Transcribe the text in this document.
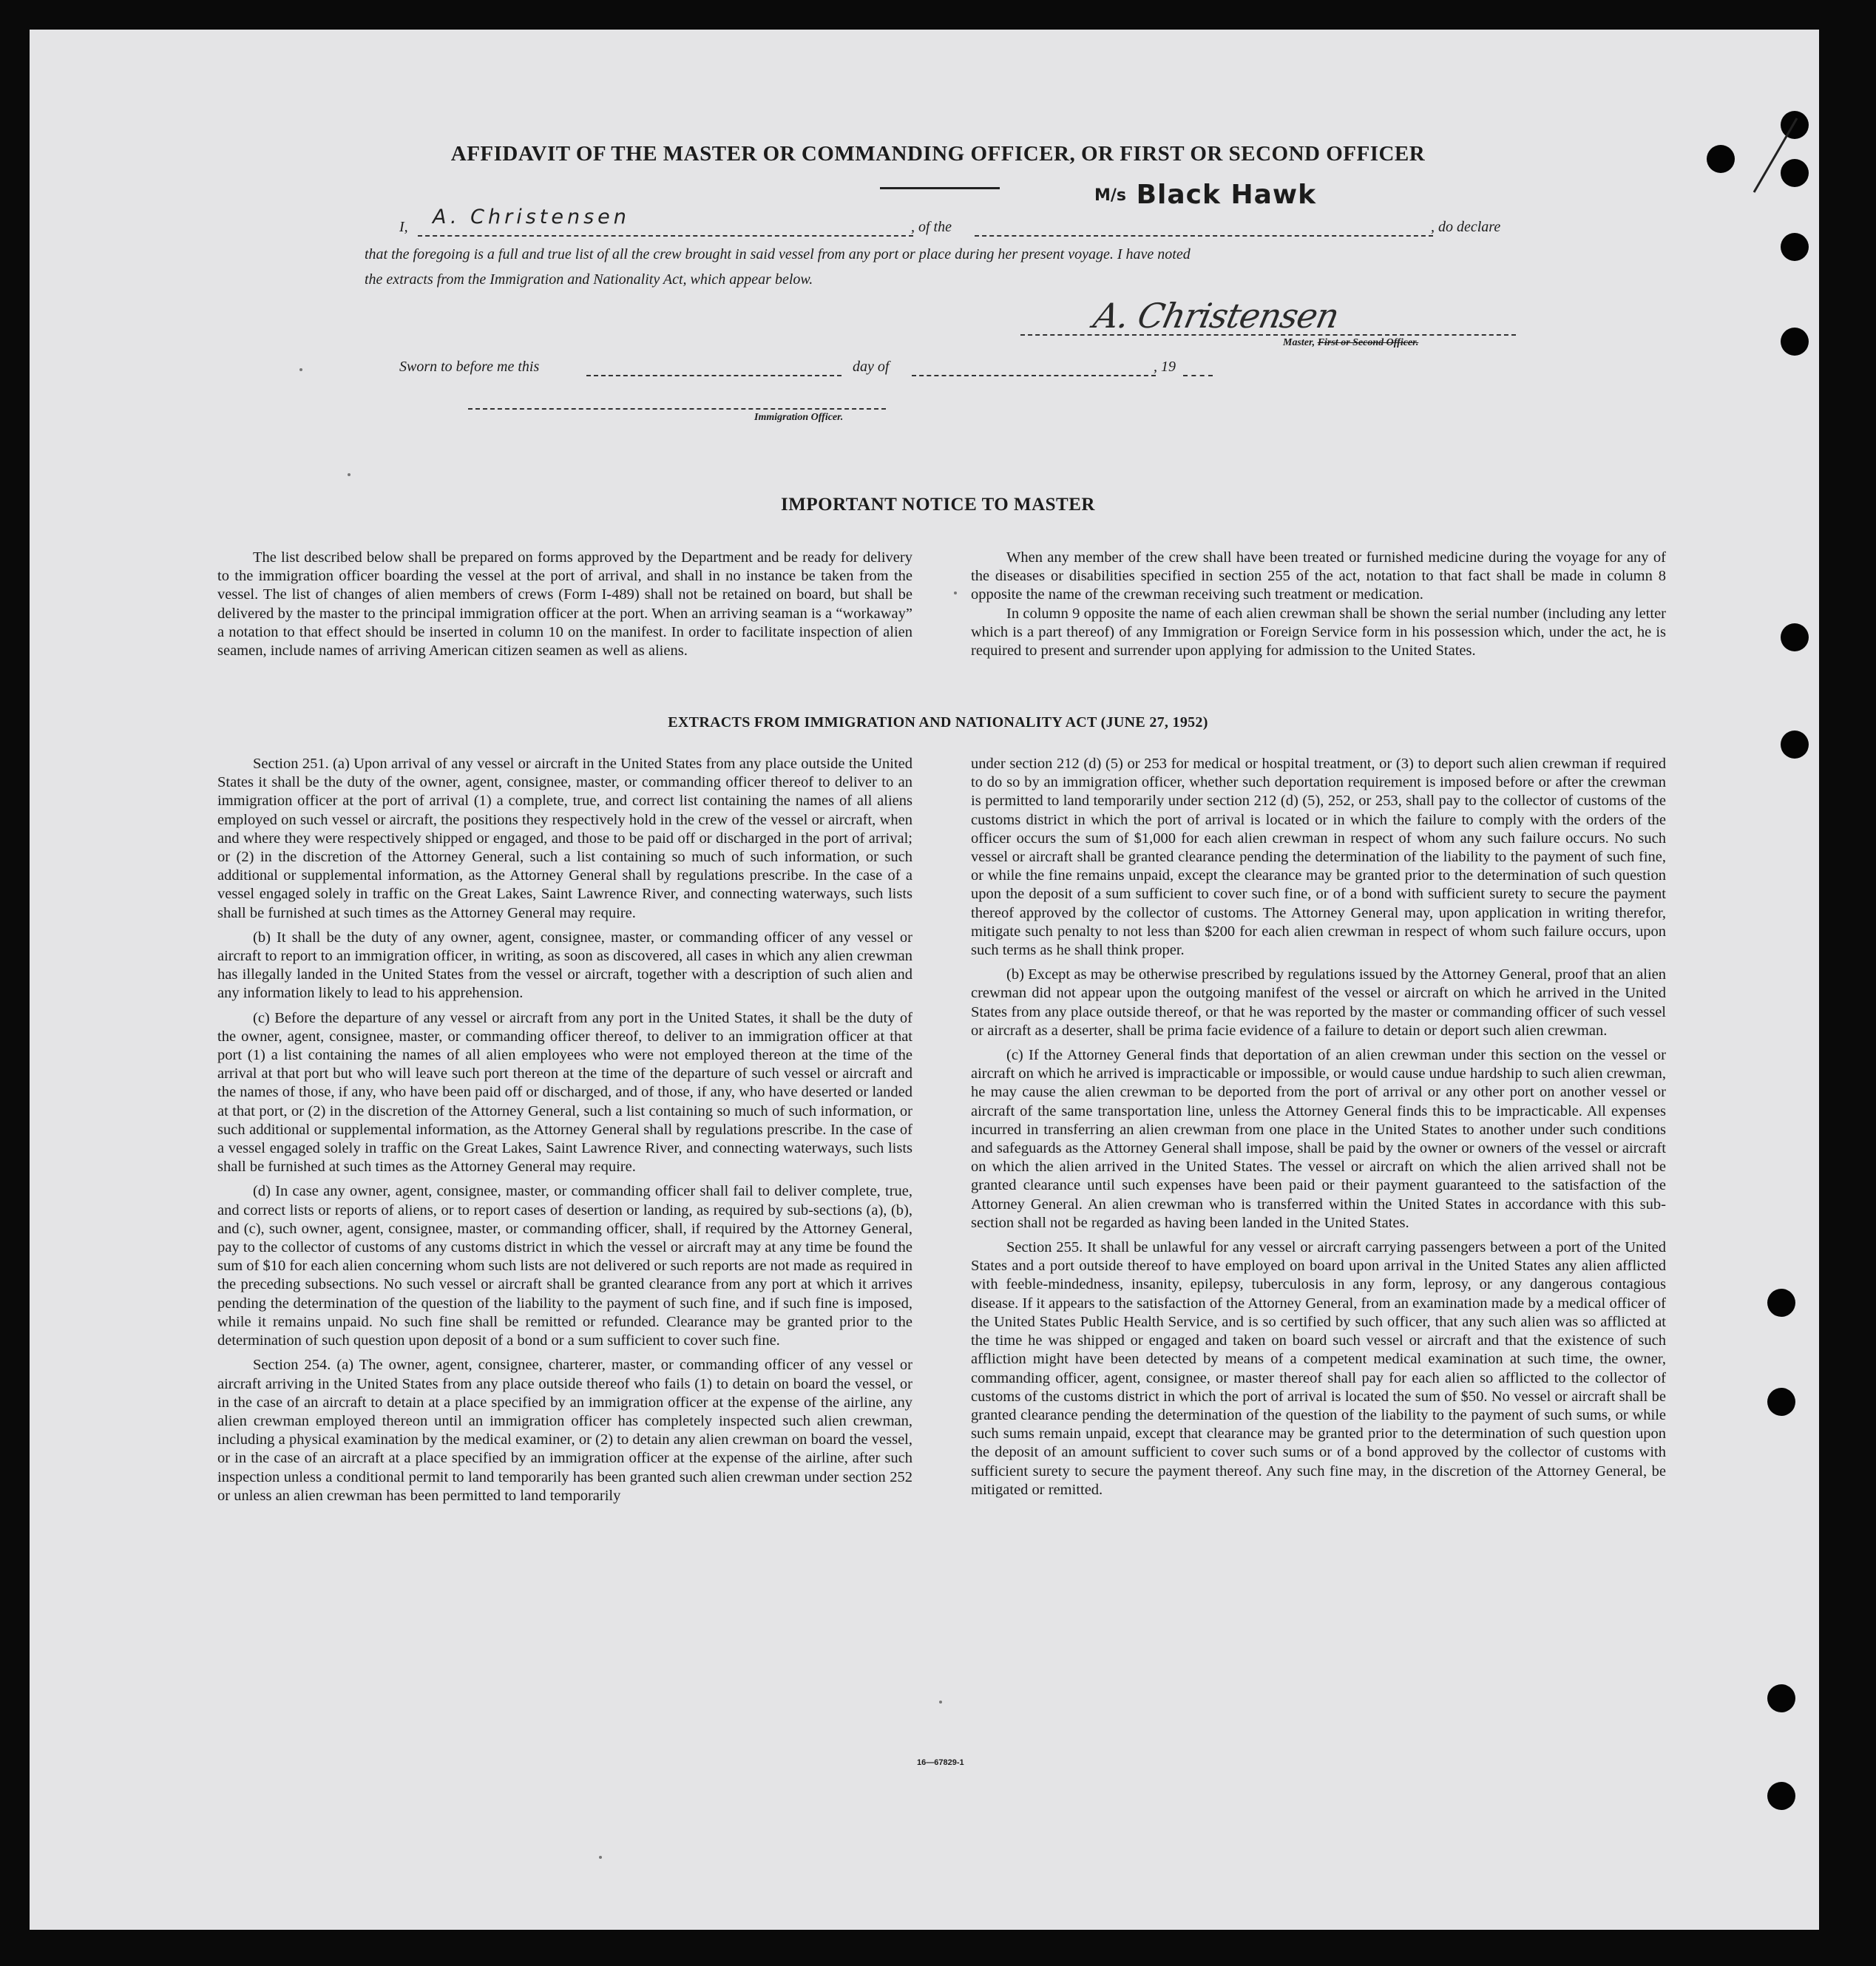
AFFIDAVIT OF THE MASTER OR COMMANDING OFFICER, OR FIRST OR SECOND OFFICER
M/s Black Hawk
I, A. Christensen	, of the	, do declare
that the foregoing is a full and true list of all the crew brought in said vessel from any port or place during her present voyage. I have noted
the extracts from the Immigration and Nationality Act, which appear below.
A. Christensen
Master, First or Second Officer.
Sworn to before me this	day of	, 19
Immigration Officer.
IMPORTANT NOTICE TO MASTER

The list described below shall be prepared on forms approved by the Department and be ready for delivery to the immigration officer boarding the vessel at the port of arrival, and shall in no instance be taken from the vessel. The list of changes of alien members of crews (Form I-489) shall not be retained on board, but shall be delivered by the master to the principal immigration officer at the port. When an arriving seaman is a “workaway” a notation to that effect should be inserted in column 10 on the manifest. In order to facilitate inspection of alien seamen, include names of arriving American citizen seamen as well as aliens.

When any member of the crew shall have been treated or furnished medicine during the voyage for any of the diseases or disabilities specified in section 255 of the act, notation to that fact shall be made in column 8 opposite the name of the crewman receiving such treatment or medication.

In column 9 opposite the name of each alien crewman shall be shown the serial number (including any letter which is a part thereof) of any Immigration or Foreign Service form in his possession which, under the act, he is required to present and surrender upon applying for admission to the United States.

EXTRACTS FROM IMMIGRATION AND NATIONALITY ACT (JUNE 27, 1952)

Section 251. (a) Upon arrival of any vessel or aircraft in the United States from any place outside the United States it shall be the duty of the owner, agent, consignee, master, or commanding officer thereof to deliver to an immigration officer at the port of arrival (1) a complete, true, and correct list containing the names of all aliens employed on such vessel or aircraft, the positions they respectively hold in the crew of the vessel or aircraft, when and where they were respectively shipped or engaged, and those to be paid off or discharged in the port of arrival; or (2) in the discretion of the Attorney General, such a list containing so much of such information, or such additional or supplemental information, as the Attorney General shall by regulations prescribe. In the case of a vessel engaged solely in traffic on the Great Lakes, Saint Lawrence River, and connecting waterways, such lists shall be furnished at such times as the Attorney General may require.

(b) It shall be the duty of any owner, agent, consignee, master, or commanding officer of any vessel or aircraft to report to an immigration officer, in writing, as soon as discovered, all cases in which any alien crewman has illegally landed in the United States from the vessel or aircraft, together with a description of such alien and any information likely to lead to his apprehension.

(c) Before the departure of any vessel or aircraft from any port in the United States, it shall be the duty of the owner, agent, consignee, master, or commanding officer thereof, to deliver to an immigration officer at that port (1) a list containing the names of all alien employees who were not employed thereon at the time of the arrival at that port but who will leave such port thereon at the time of the departure of such vessel or aircraft and the names of those, if any, who have been paid off or discharged, and of those, if any, who have deserted or landed at that port, or (2) in the discretion of the Attorney General, such a list containing so much of such information, or such additional or supplemental information, as the Attorney General shall by regulations prescribe. In the case of a vessel engaged solely in traffic on the Great Lakes, Saint Lawrence River, and connecting waterways, such lists shall be furnished at such times as the Attorney General may require.

(d) In case any owner, agent, consignee, master, or commanding officer shall fail to deliver complete, true, and correct lists or reports of aliens, or to report cases of desertion or landing, as required by sub-sections (a), (b), and (c), such owner, agent, consignee, master, or commanding officer, shall, if required by the Attorney General, pay to the collector of customs of any customs district in which the vessel or aircraft may at any time be found the sum of $10 for each alien concerning whom such lists are not delivered or such reports are not made as required in the preceding subsections. No such vessel or aircraft shall be granted clearance from any port at which it arrives pending the determination of the question of the liability to the payment of such fine, and if such fine is imposed, while it remains unpaid. No such fine shall be remitted or refunded. Clearance may be granted prior to the determination of such question upon deposit of a bond or a sum sufficient to cover such fine.

Section 254. (a) The owner, agent, consignee, charterer, master, or commanding officer of any vessel or aircraft arriving in the United States from any place outside thereof who fails (1) to detain on board the vessel, or in the case of an aircraft to detain at a place specified by an immigration officer at the expense of the airline, any alien crewman employed thereon until an immigration officer has completely inspected such alien crewman, including a physical examination by the medical examiner, or (2) to detain any alien crewman on board the vessel, or in the case of an aircraft at a place specified by an immigration officer at the expense of the airline, after such inspection unless a conditional permit to land temporarily has been granted such alien crewman under section 252 or unless an alien crewman has been permitted to land temporarily

under section 212 (d) (5) or 253 for medical or hospital treatment, or (3) to deport such alien crewman if required to do so by an immigration officer, whether such deportation requirement is imposed before or after the crewman is permitted to land temporarily under section 212 (d) (5), 252, or 253, shall pay to the collector of customs of the customs district in which the port of arrival is located or in which the failure to comply with the orders of the officer occurs the sum of $1,000 for each alien crewman in respect of whom any such failure occurs. No such vessel or aircraft shall be granted clearance pending the determination of the liability to the payment of such fine, or while the fine remains unpaid, except the clearance may be granted prior to the determination of such question upon the deposit of a sum sufficient to cover such fine, or of a bond with sufficient surety to secure the payment thereof approved by the collector of customs. The Attorney General may, upon application in writing therefor, mitigate such penalty to not less than $200 for each alien crewman in respect of whom such failure occurs, upon such terms as he shall think proper.

(b) Except as may be otherwise prescribed by regulations issued by the Attorney General, proof that an alien crewman did not appear upon the outgoing manifest of the vessel or aircraft on which he arrived in the United States from any place outside thereof, or that he was reported by the master or commanding officer of such vessel or aircraft as a deserter, shall be prima facie evidence of a failure to detain or deport such alien crewman.

(c) If the Attorney General finds that deportation of an alien crewman under this section on the vessel or aircraft on which he arrived is impracticable or impossible, or would cause undue hardship to such alien crewman, he may cause the alien crewman to be deported from the port of arrival or any other port on another vessel or aircraft of the same transportation line, unless the Attorney General finds this to be impracticable. All expenses incurred in transferring an alien crewman from one place in the United States to another under such conditions and safeguards as the Attorney General shall impose, shall be paid by the owner or owners of the vessel or aircraft on which the alien arrived in the United States. The vessel or aircraft on which the alien arrived shall not be granted clearance until such expenses have been paid or their payment guaranteed to the satisfaction of the Attorney General. An alien crewman who is transferred within the United States in accordance with this sub-section shall not be regarded as having been landed in the United States.

Section 255. It shall be unlawful for any vessel or aircraft carrying passengers between a port of the United States and a port outside thereof to have employed on board upon arrival in the United States any alien afflicted with feeble-mindedness, insanity, epilepsy, tuberculosis in any form, leprosy, or any dangerous contagious disease. If it appears to the satisfaction of the Attorney General, from an examination made by a medical officer of the United States Public Health Service, and is so certified by such officer, that any such alien was so afflicted at the time he was shipped or engaged and taken on board such vessel or aircraft and that the existence of such affliction might have been detected by means of a competent medical examination at such time, the owner, commanding officer, agent, consignee, or master thereof shall pay for each alien so afflicted to the collector of customs of the customs district in which the port of arrival is located the sum of $50. No vessel or aircraft shall be granted clearance pending the determination of the question of the liability to the payment of such sums, or while such sums remain unpaid, except that clearance may be granted prior to the determination of such question upon the deposit of an amount sufficient to cover such sums or of a bond approved by the collector of customs with sufficient surety to secure the payment thereof. Any such fine may, in the discretion of the Attorney General, be mitigated or remitted.

16—67829-1
